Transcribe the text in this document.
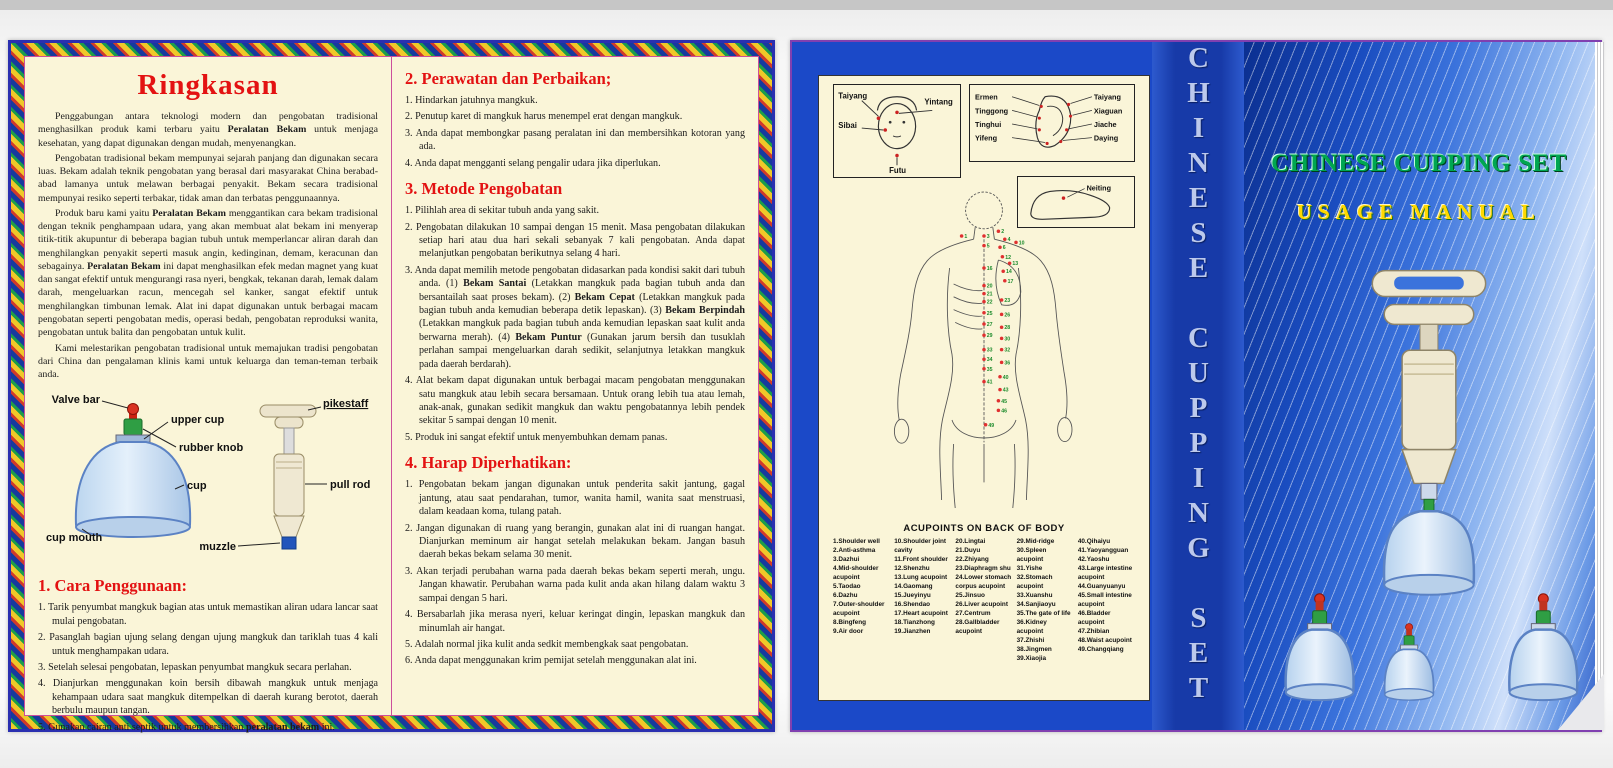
Ringkasan

Penggabungan antara teknologi modern dan pengobatan tradisional menghasilkan produk kami terbaru yaitu Peralatan Bekam untuk menjaga kesehatan, yang dapat digunakan dengan mudah, menyenangkan.

Pengobatan tradisional bekam mempunyai sejarah panjang dan digunakan secara luas. Bekam adalah teknik pengobatan yang berasal dari masyarakat China berabad-abad lamanya untuk melawan berbagai penyakit. Bekam secara tradisional mempunyai resiko seperti terbakar, tidak aman dan terbatas penggunaannya.

Produk baru kami yaitu Peralatan Bekam menggantikan cara bekam tradisional dengan teknik penghampaan udara, yang akan membuat alat bekam ini menyerap titik-titik akupuntur di beberapa bagian tubuh untuk memperlancar aliran darah dan menghilangkan penyakit seperti masuk angin, kedinginan, demam, keracunan dan sebagainya. Peralatan Bekam ini dapat menghasilkan efek medan magnet yang kuat dan sangat efektif untuk mengurangi rasa nyeri, bengkak, tekanan darah, lemak dalam darah, mengeluarkan racun, mencegah sel kanker, sangat efektif untuk menghilangkan timbunan lemak. Alat ini dapat digunakan untuk berbagai macam pengobatan seperti pengobatan medis, operasi bedah, pengobatan reproduksi wanita, pengobatan untuk balita dan pengobatan untuk kulit.

Kami melestarikan pengobatan tradisional untuk memajukan tradisi pengobatan dari China dan pengalaman klinis kami untuk keluarga dan teman-teman terbaik anda.

Valve bar
upper cup
rubber knob
cup
cup mouth
pikestaff
pull rod
muzzle
1. Cara Penggunaan:
1. Tarik penyumbat mangkuk bagian atas untuk memastikan aliran udara lancar saat mulai pengobatan.
2. Pasanglah bagian ujung selang dengan ujung mangkuk dan tariklah tuas 4 kali untuk menghampakan udara.
3. Setelah selesai pengobatan, lepaskan penyumbat mangkuk secara perlahan.
4. Dianjurkan menggunakan koin bersih dibawah mangkuk untuk menjaga kehampaan udara saat mangkuk ditempelkan di daerah kurang berotot, daerah berbulu maupun tangan.
5. Gunakan cairan anti septik untuk membersihkan peralatan bekam ini.
2. Perawatan dan Perbaikan;
1. Hindarkan jatuhnya mangkuk.
2. Penutup karet di mangkuk harus menempel erat dengan mangkuk.
3. Anda dapat membongkar pasang peralatan ini dan membersihkan kotoran yang ada.
4. Anda dapat mengganti selang pengalir udara jika diperlukan.
3. Metode Pengobatan
1. Pilihlah area di sekitar tubuh anda yang sakit.
2. Pengobatan dilakukan 10 sampai dengan 15 menit. Masa pengobatan dilakukan setiap hari atau dua hari sekali sebanyak 7 kali pengobatan. Anda dapat melanjutkan pengobatan berikutnya selang 4 hari.
3. Anda dapat memilih metode pengobatan didasarkan pada kondisi sakit dari tubuh anda. (1) Bekam Santai (Letakkan mangkuk pada bagian tubuh anda dan bersantailah saat proses bekam). (2) Bekam Cepat (Letakkan mangkuk pada bagian tubuh anda kemudian beberapa detik lepaskan). (3) Bekam Berpindah (Letakkan mangkuk pada bagian tubuh anda kemudian lepaskan saat kulit anda berwarna merah). (4) Bekam Puntur (Gunakan jarum bersih dan tusuklah perlahan sampai mengeluarkan darah sedikit, selanjutnya letakkan mangkuk pada daerah berdarah).
4. Alat bekam dapat digunakan untuk berbagai macam pengobatan menggunakan satu mangkuk atau lebih secara bersamaan. Untuk orang lebih tua atau lemah, anak-anak, gunakan sedikit mangkuk dan waktu pengobatannya lebih pendek sekitar 5 sampai dengan 10 menit.
5. Produk ini sangat efektif untuk menyembuhkan demam panas.
4. Harap Diperhatikan:
1. Pengobatan bekam jangan digunakan untuk penderita sakit jantung, gagal jantung, atau saat pendarahan, tumor, wanita hamil, wanita saat menstruasi, dalam keadaan koma, tulang patah.
2. Jangan digunakan di ruang yang berangin, gunakan alat ini di ruangan hangat. Dianjurkan meminum air hangat setelah melakukan bekam. Jangan basuh daerah bekas bekam selama 30 menit.
3. Akan terjadi perubahan warna pada daerah bekas bekam seperti merah, ungu. Jangan khawatir. Perubahan warna pada kulit anda akan hilang dalam waktu 3 sampai dengan 5 hari.
4. Bersabarlah jika merasa nyeri, keluar keringat dingin, lepaskan mangkuk dan minumlah air hangat.
5. Adalah normal jika kulit anda sedkit membengkak saat pengobatan.
6. Anda dapat menggunakan krim pemijat setelah menggunakan alat ini.
Taiyang
Sibai
Yintang
Futu
Ermen
Tinggong
Tinghui
Yifeng
Taiyang
Xiaguan
Jiache
Daying
Neiting
1
2
3
4
5 6
10
12
13
14
16
17
20
21
22 23
25 26
27
28
29
30
32
33
34
35
36
40
41
43
45
46
49
ACUPOINTS ON BACK OF BODY
1.Shoulder well
2.Anti-asthma
3.Dazhui
4.Mid-shoulder acupoint
5.Taodao
6.Dazhu
7.Outer-shoulder acupoint
8.Bingfeng
9.Air door
10.Shoulder joint cavity
11.Front shoulder
12.Shenzhu
13.Lung acupoint
14.Gaomang
15.Jueyinyu
16.Shendao
17.Heart acupoint
18.Tianzhong
19.Jianzhen
20.Lingtai
21.Duyu
22.Zhiyang
23.Diaphragm shu
24.Lower stomach corpus acupoint
25.Jinsuo
26.Liver acupoint
27.Centrum
28.Gallbladder acupoint
29.Mid-ridge
30.Spleen acupoint
31.Yishe
32.Stomach acupoint
33.Xuanshu
34.Sanjiaoyu
35.The gate of life
36.Kidney acupoint
37.Zhishi
38.Jingmen
39.Xiaojia
40.Qihaiyu
41.Yaoyangguan
42.Yaoshu
43.Large intestine acupoint
44.Guanyuanyu
45.Small intestine acupoint
46.Bladder acupoint
47.Zhibian
48.Waist acupoint
49.Changqiang	CHINESE CUPPING SET	CHINESE CUPPING SET
USAGE MANUAL
